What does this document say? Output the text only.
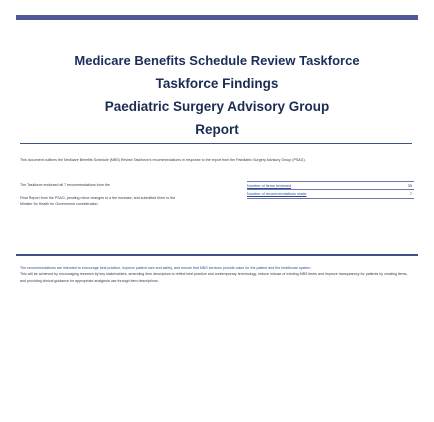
Medicare Benefits Schedule Review Taskforce
Taskforce Findings
Paediatric Surgery Advisory Group
Report

This document outlines the Medicare Benefits Schedule (MBS) Review Taskforce's recommendations in response to the report from the Paediatric Surgery Advisory Group (PSAG).

The Taskforce endorsed all 7 recommendations from the

Final Report from the PSAG, pending minor changes to a fee increase, and submitted them to the Minister for Health for Government consideration.

Number of items reviewed	35
Number of recommendations made	7

The recommendations are intended to encourage best practice, improve patient care and safety, and ensure that MBS services provide value for the patient and the healthcare system.

This will be achieved by encouraging research by key stakeholders, amending item descriptors to reflect best practice and contemporary terminology, reduce misuse of existing MBS items and improve transparency for patients by creating items, and providing clinical guidance for appropriate analgesia use through item descriptions.
